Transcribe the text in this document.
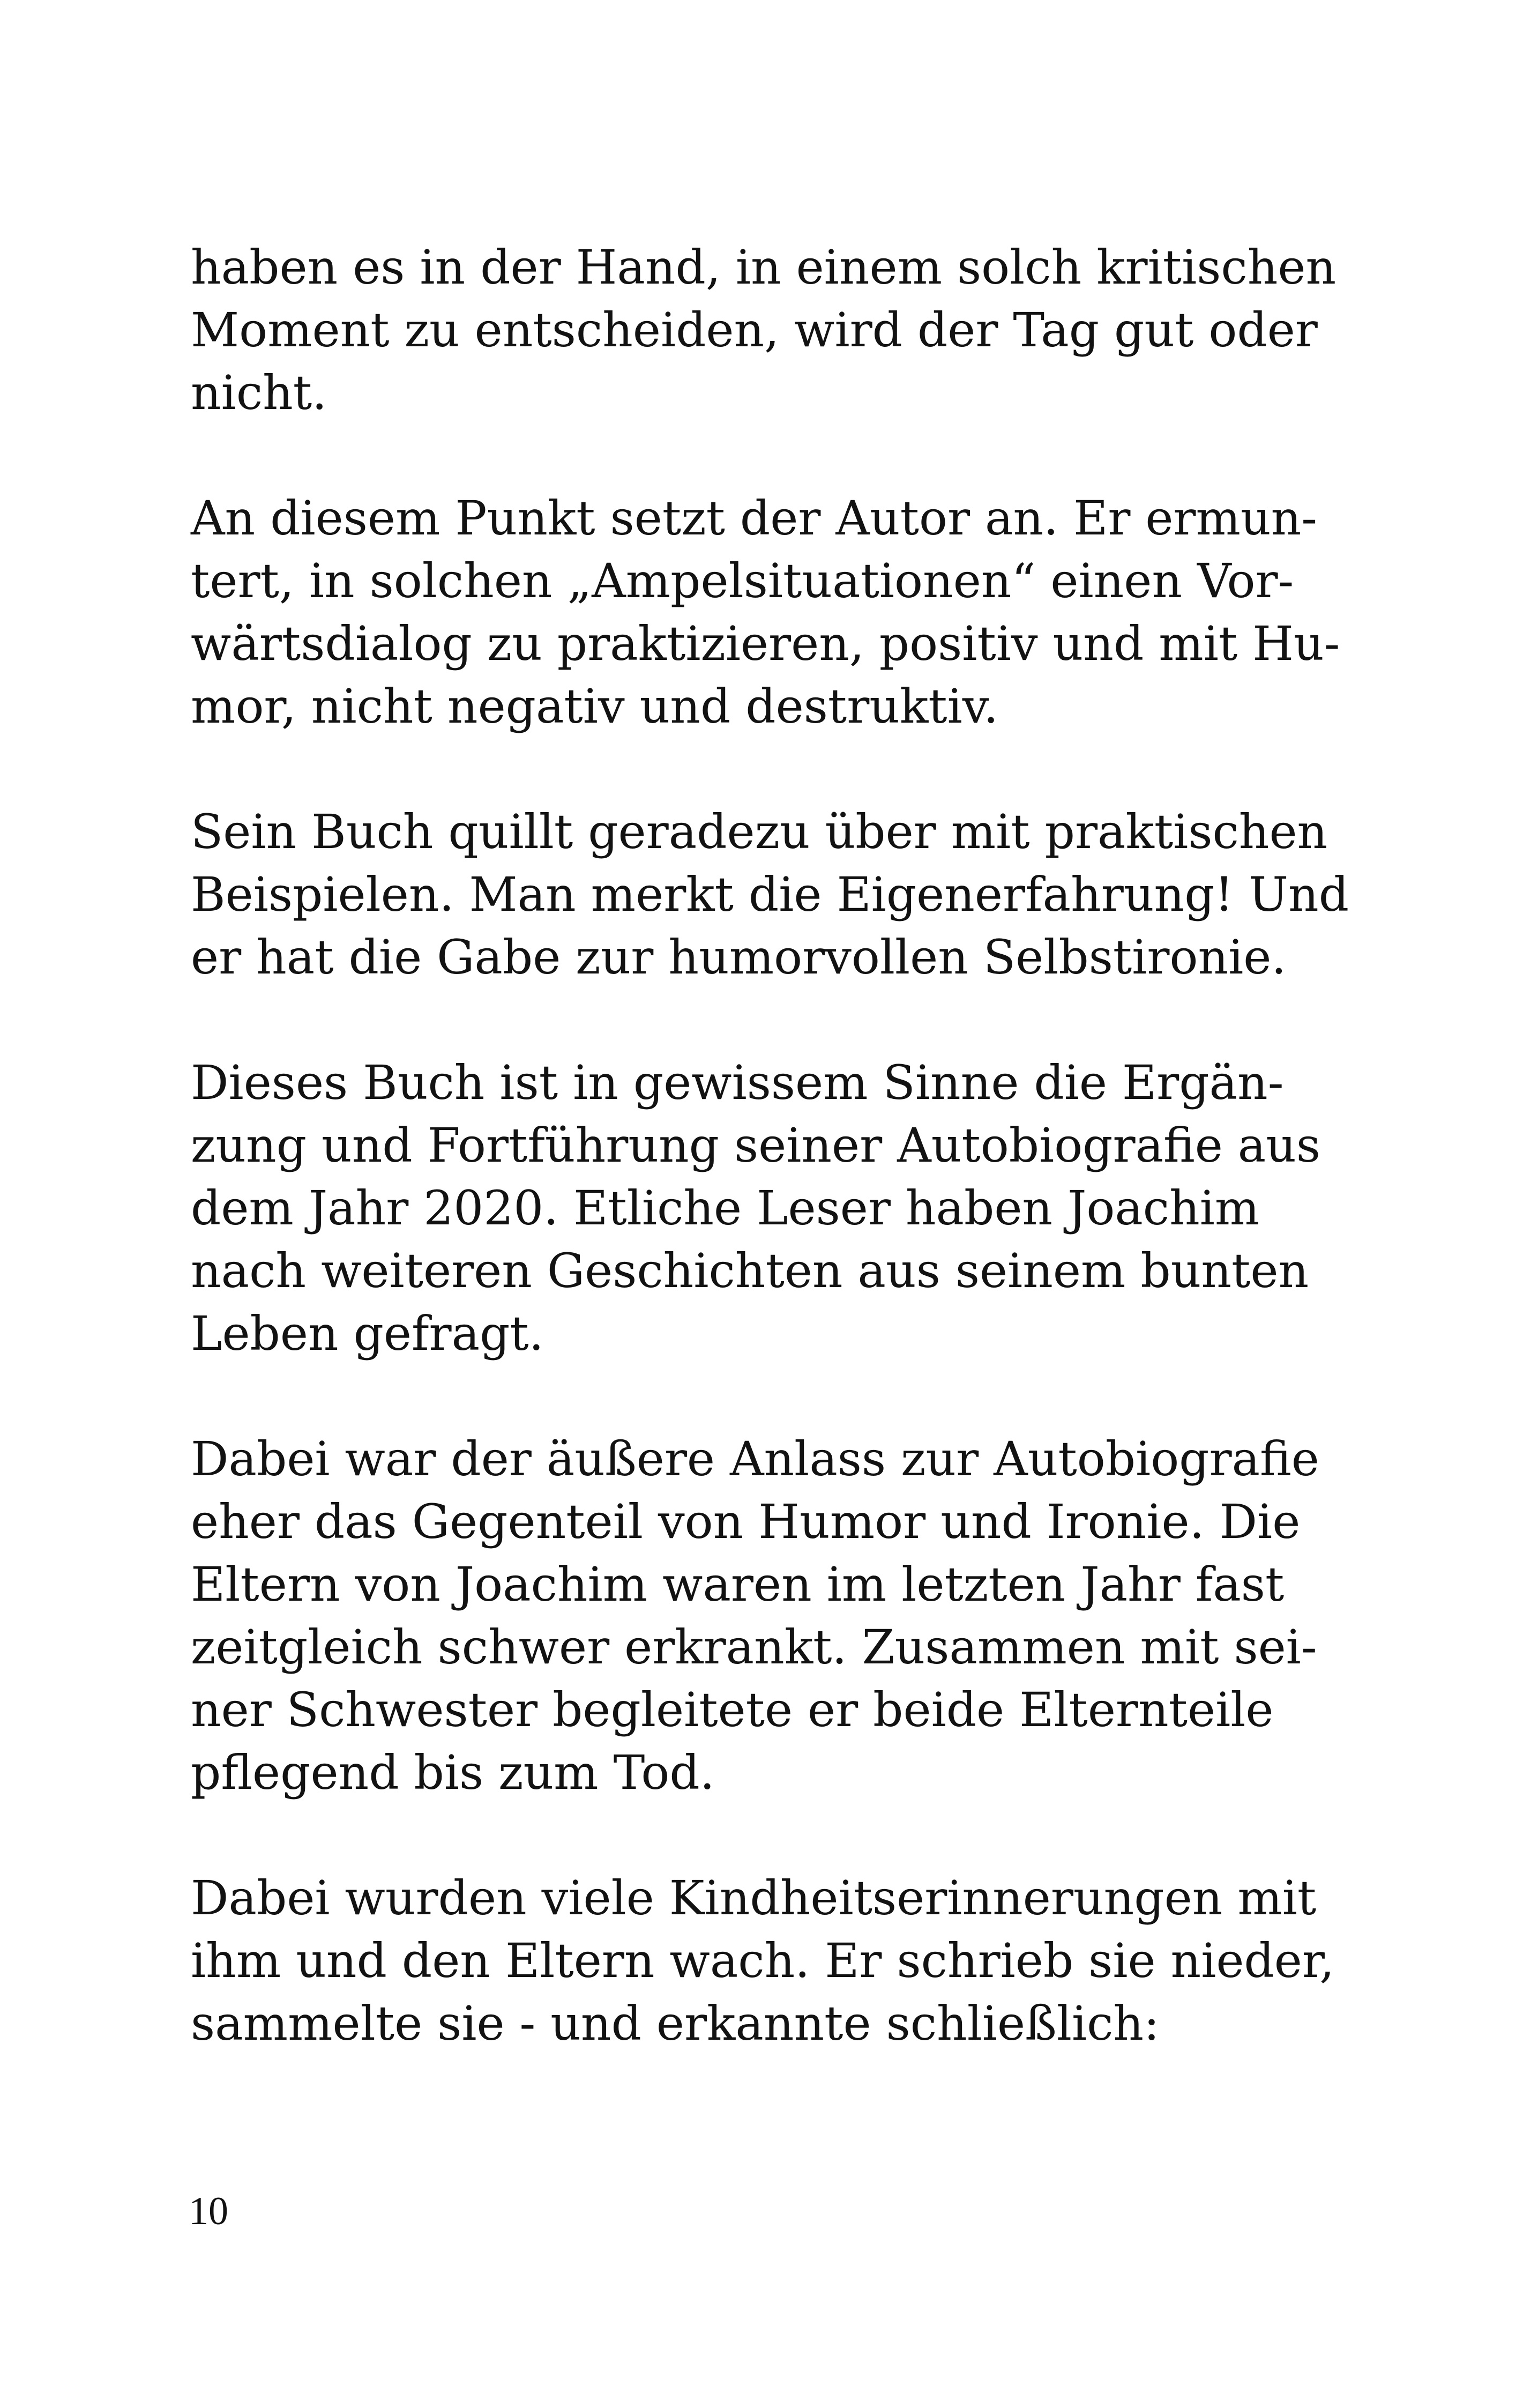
haben es in der Hand, in einem solch kritischen
Moment zu entscheiden, wird der Tag gut oder
nicht.

An diesem Punkt setzt der Autor an. Er ermun-
tert, in solchen „Ampelsituationen“ einen Vor-
wärtsdialog zu praktizieren, positiv und mit Hu-
mor, nicht negativ und destruktiv.

Sein Buch quillt geradezu über mit praktischen
Beispielen. Man merkt die Eigenerfahrung! Und
er hat die Gabe zur humorvollen Selbstironie.

Dieses Buch ist in gewissem Sinne die Ergän-
zung und Fortführung seiner Autobiografie aus
dem Jahr 2020. Etliche Leser haben Joachim
nach weiteren Geschichten aus seinem bunten
Leben gefragt.

Dabei war der äußere Anlass zur Autobiografie
eher das Gegenteil von Humor und Ironie. Die
Eltern von Joachim waren im letzten Jahr fast
zeitgleich schwer erkrankt. Zusammen mit sei-
ner Schwester begleitete er beide Elternteile
pflegend bis zum Tod.

Dabei wurden viele Kindheitserinnerungen mit
ihm und den Eltern wach. Er schrieb sie nieder,
sammelte sie - und erkannte schließlich:

10
